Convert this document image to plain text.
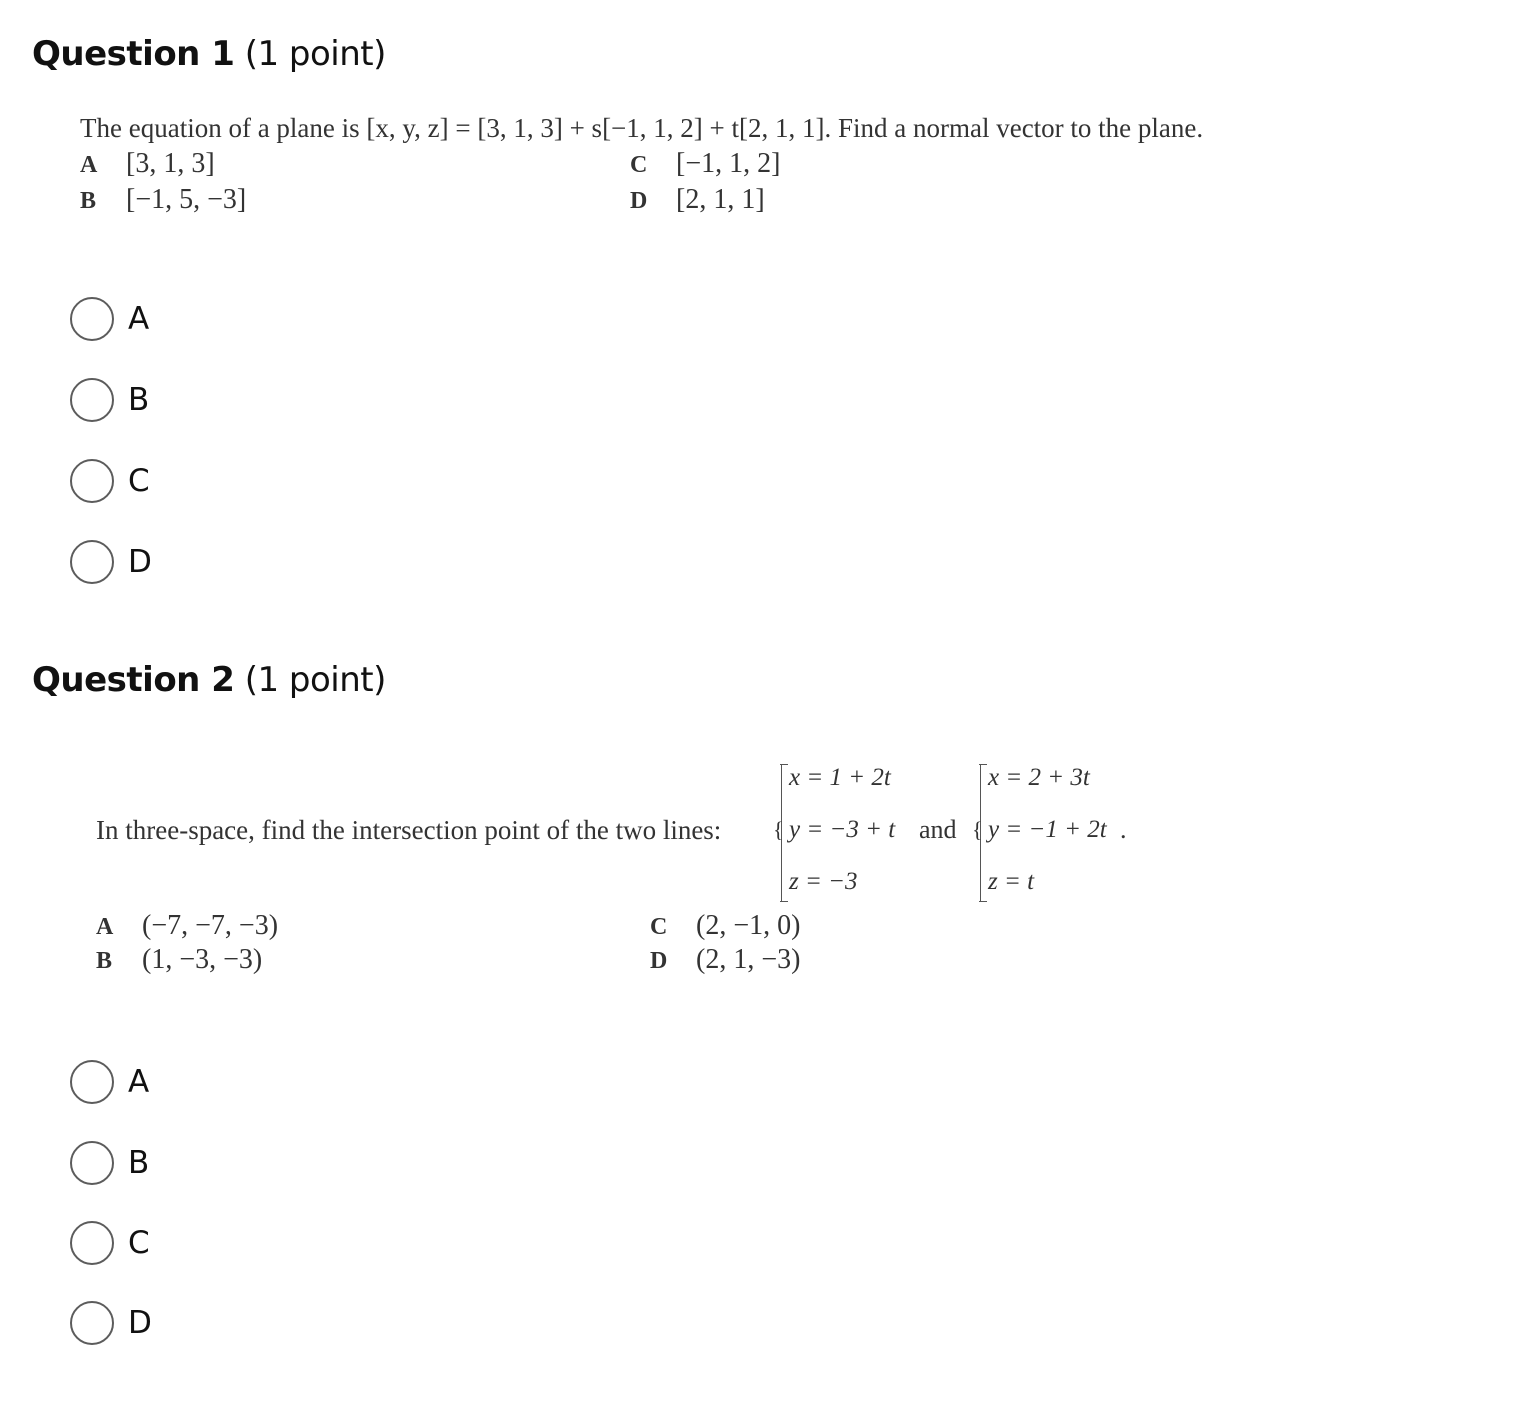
Question 1 (1 point)
The equation of a plane is [x, y, z] = [3, 1, 3] + s[−1, 1, 2] + t[2, 1, 1]. Find a normal vector to the plane.
A [3, 1, 3]
B [−1, 5, −3]
C [−1, 1, 2]
D [2, 1, 1]
A
B
C
D
Question 2 (1 point)
In three-space, find the intersection point of the two lines: {
x = 1 + 2t
y = −3 + t
z = −3
and {
x = 2 + 3t
y = −1 + 2t
z = t
.
A (−7, −7, −3)
B (1, −3, −3)
C (2, −1, 0)
D (2, 1, −3)
A
B
C
D
